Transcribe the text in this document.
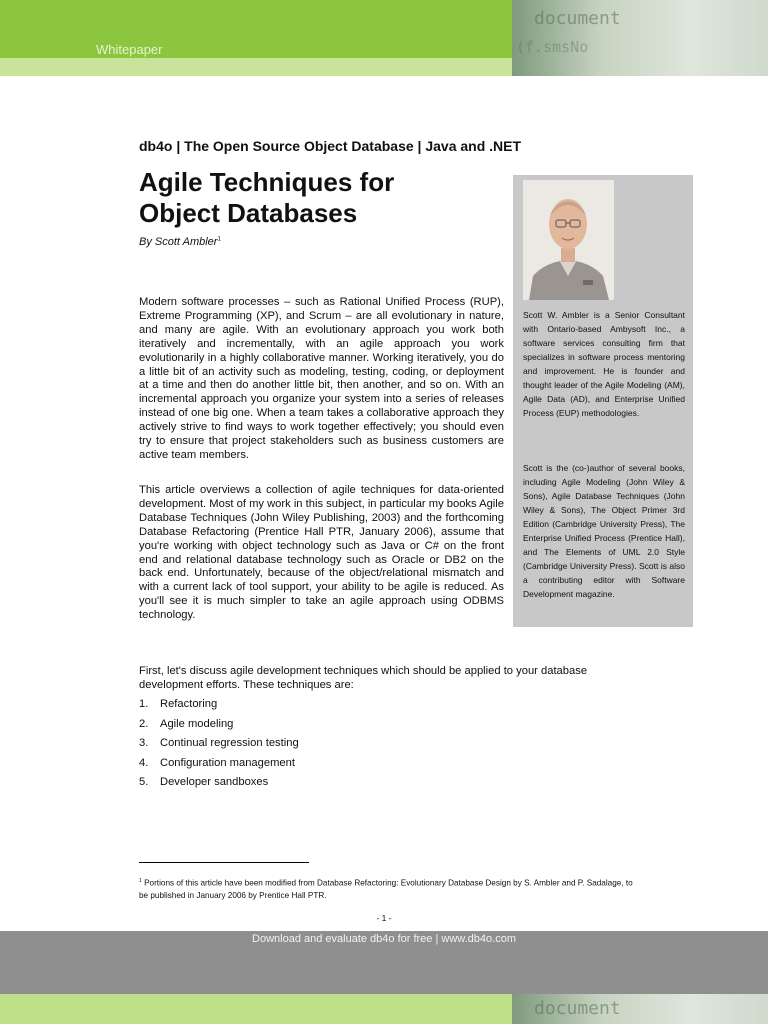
Whitepaper
document
(f.smsNo
db4o | The Open Source Object Database | Java and .NET
Agile Techniques for
Object Databases
By Scott Ambler$^1$

Modern software processes – such as Rational Unified Process (RUP), Extreme Programming (XP), and Scrum – are all evolutionary in nature, and many are agile. With an evolutionary approach you work both iteratively and incrementally, with an agile approach you work evolutionarily in a highly collaborative manner. Working iteratively, you do a little bit of an activity such as modeling, testing, coding, or deployment at a time and then do another little bit, then another, and so on. With an incremental approach you organize your system into a series of releases instead of one big one. When a team takes a collaborative approach they actively strive to find ways to work together effectively; you should even try to ensure that project stakeholders such as business customers are active team members.

This article overviews a collection of agile techniques for data-oriented development. Most of my work in this subject, in particular my books Agile Database Techniques (John Wiley Publishing, 2003) and the forthcoming Database Refactoring (Prentice Hall PTR, January 2006), assume that you're working with object technology such as Java or C# on the front end and relational database technology such as Oracle or DB2 on the back end. Unfortunately, because of the object/relational mismatch and with a current lack of tool support, your ability to be agile is reduced. As you'll see it is much simpler to take an agile approach using ODBMS technology.

Scott W. Ambler is a Senior Consultant with Ontario-based Ambysoft Inc., a software services consulting firm that specializes in software process mentoring and improvement. He is founder and thought leader of the Agile Modeling (AM), Agile Data (AD), and Enterprise Unified Process (EUP) methodologies.

Scott is the (co-)author of several books, including Agile Modeling (John Wiley & Sons), Agile Database Techniques (John Wiley & Sons), The Object Primer 3rd Edition (Cambridge University Press), The Enterprise Unified Process (Prentice Hall), and The Elements of UML 2.0 Style (Cambridge University Press). Scott is also a contributing editor with Software Development magazine.

First, let's discuss agile development techniques which should be applied to your database development efforts. These techniques are:

1. Refactoring
2. Agile modeling
3. Continual regression testing
4. Configuration management
5. Developer sandboxes

$^1$ Portions of this article have been modified from Database Refactoring: Evolutionary Database Design by S. Ambler and P. Sadalage, to be published in January 2006 by Prentice Hall PTR.

- 1 -
Download and evaluate db4o for free | www.db4o.com
document
